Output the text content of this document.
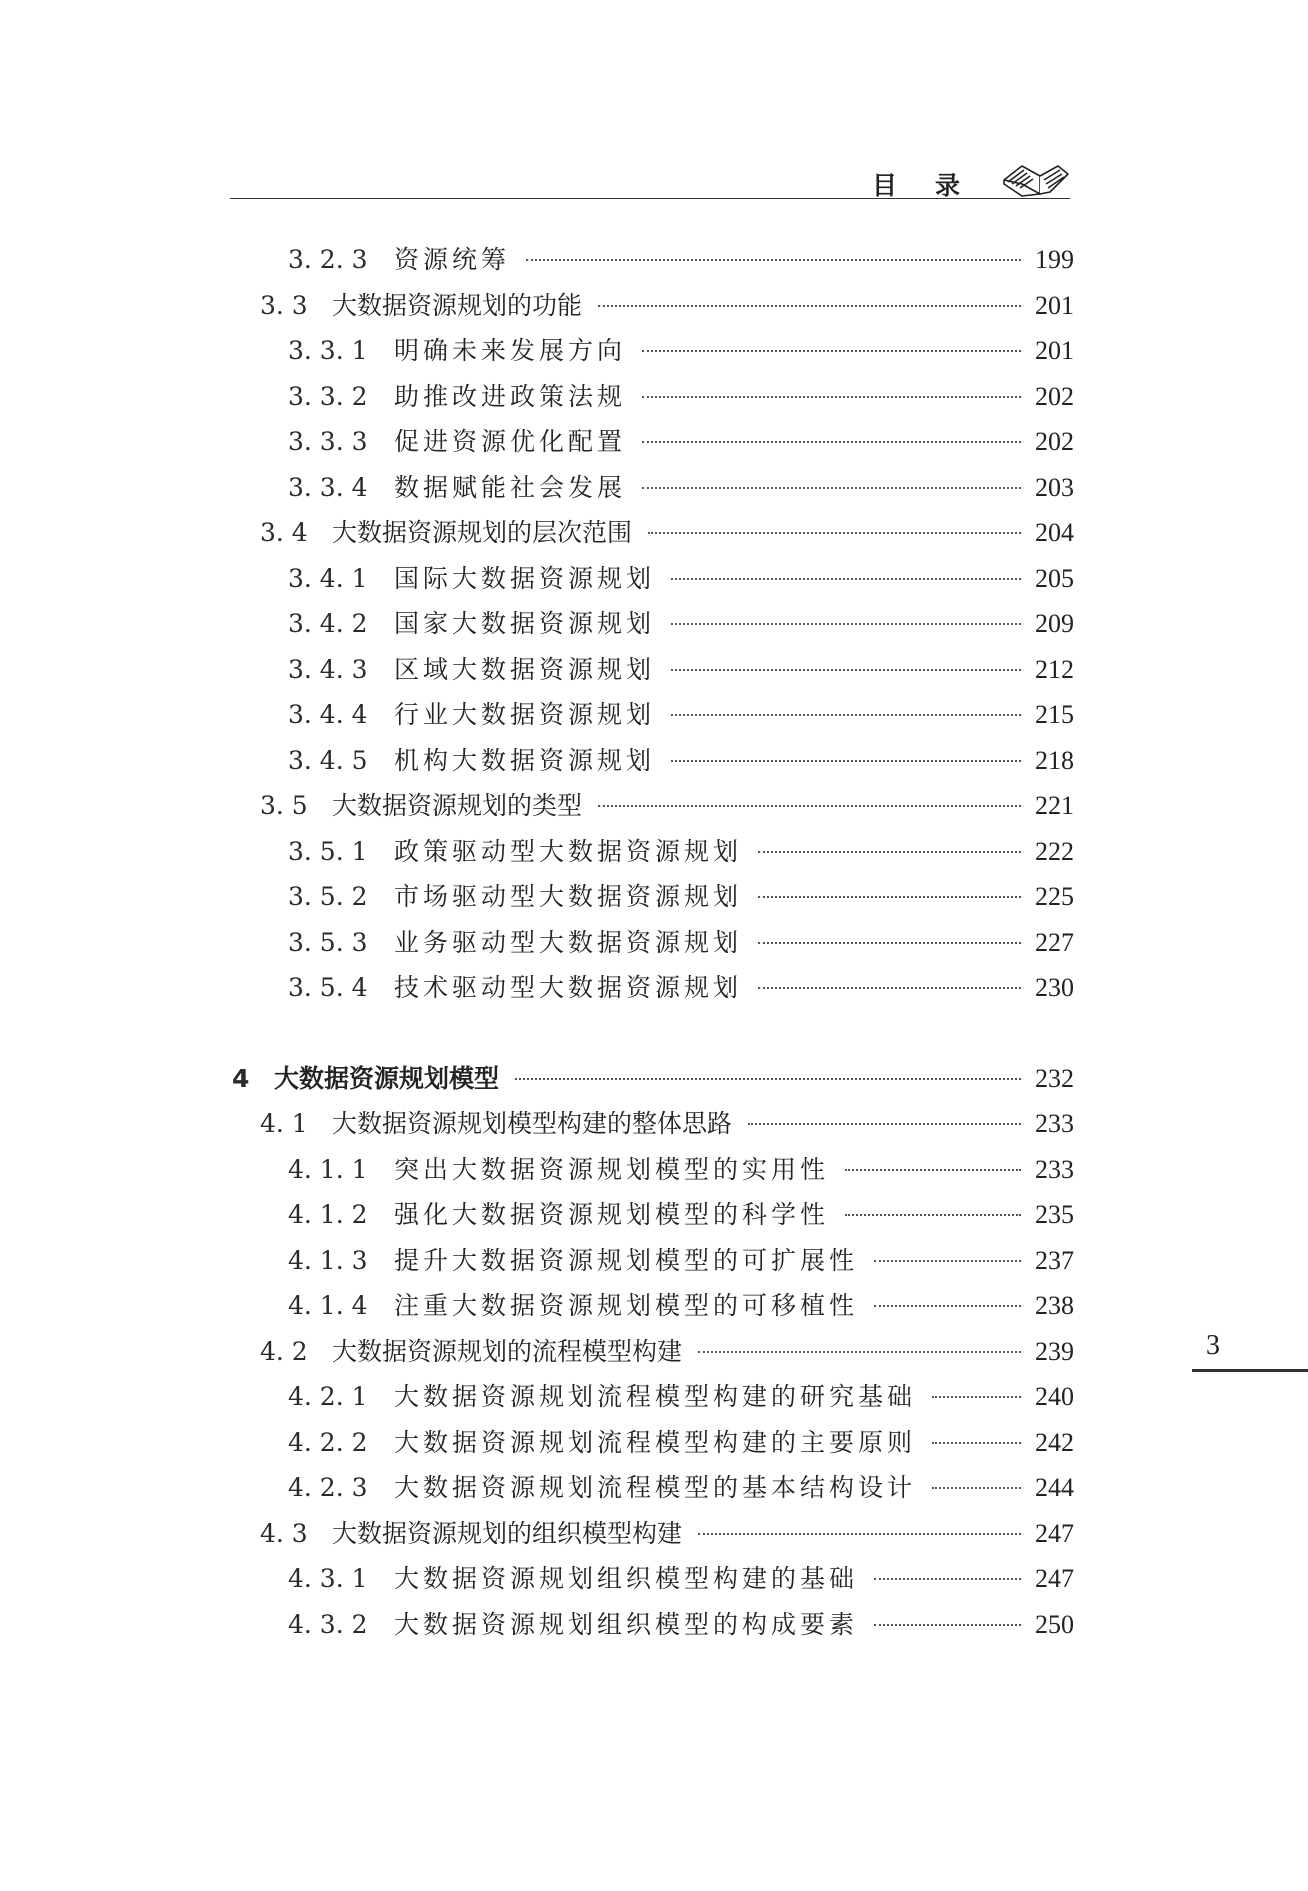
目录
3. 2. 3	资源统筹	199
3. 3 大数据资源规划的功能	201
3. 3. 1	明确未来发展方向	201
3. 3. 2	助推改进政策法规	202
3. 3. 3	促进资源优化配置	202
3. 3. 4	数据赋能社会发展	203
3. 4 大数据资源规划的层次范围	204
3. 4. 1	国际大数据资源规划	205
3. 4. 2	国家大数据资源规划	209
3. 4. 3	区域大数据资源规划	212
3. 4. 4	行业大数据资源规划	215
3. 4. 5	机构大数据资源规划	218
3. 5 大数据资源规划的类型	221
3. 5. 1	政策驱动型大数据资源规划	222
3. 5. 2	市场驱动型大数据资源规划	225
3. 5. 3	业务驱动型大数据资源规划	227
3. 5. 4	技术驱动型大数据资源规划	230
4 大数据资源规划模型	232
4. 1 大数据资源规划模型构建的整体思路	233
4. 1. 1	突出大数据资源规划模型的实用性	233
4. 1. 2	强化大数据资源规划模型的科学性	235
4. 1. 3	提升大数据资源规划模型的可扩展性	237
4. 1. 4	注重大数据资源规划模型的可移植性	238
4. 2 大数据资源规划的流程模型构建	239
4. 2. 1	大数据资源规划流程模型构建的研究基础	240
4. 2. 2	大数据资源规划流程模型构建的主要原则	242
4. 2. 3	大数据资源规划流程模型的基本结构设计	244
4. 3 大数据资源规划的组织模型构建	247
4. 3. 1	大数据资源规划组织模型构建的基础	247
4. 3. 2	大数据资源规划组织模型的构成要素	250
3
